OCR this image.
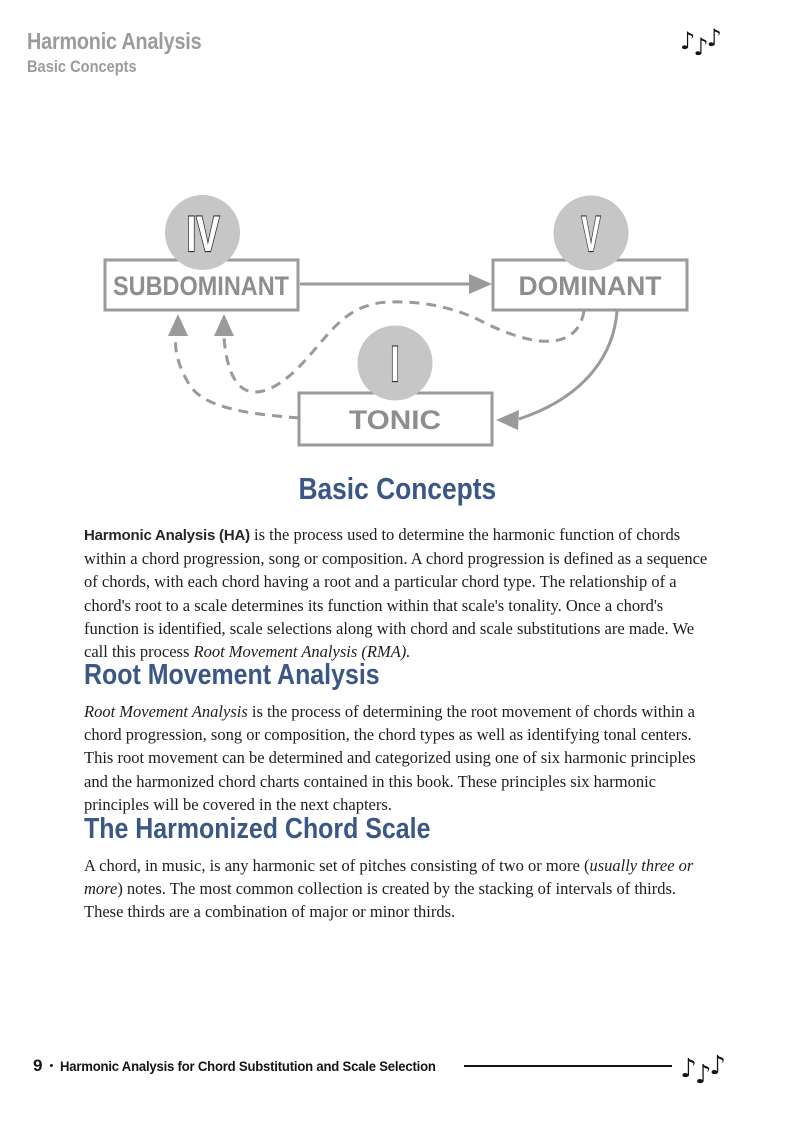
Harmonic Analysis
Basic Concepts
♪♪♪
IV	V
I
SUBDOMINANT	DOMINANT
TONIC
Basic Concepts
Harmonic Analysis (HA) is the process used to determine the harmonic function of chords within a chord progression, song or composition. A chord progression is defined as a sequence of chords, with each chord having a root and a particular chord type. The relationship of a chord's root to a scale determines its function within that scale's tonality. Once a chord's function is identified, scale selections along with chord and scale substitutions are made. We call this process Root Movement Analysis (RMA).
Root Movement Analysis
Root Movement Analysis is the process of determining the root movement of chords within a chord progression, song or composition, the chord types as well as identifying tonal centers. This root movement can be determined and categorized using one of six harmonic principles and the harmonized chord charts contained in this book. These principles six harmonic principles will be covered in the next chapters.
The Harmonized Chord Scale
A chord, in music, is any harmonic set of pitches consisting of two or more (usually three or more) notes. The most common collection is created by the stacking of intervals of thirds. These thirds are a combination of major or minor thirds.
9 • Harmonic Analysis for Chord Substitution and Scale Selection	♪♪♪
